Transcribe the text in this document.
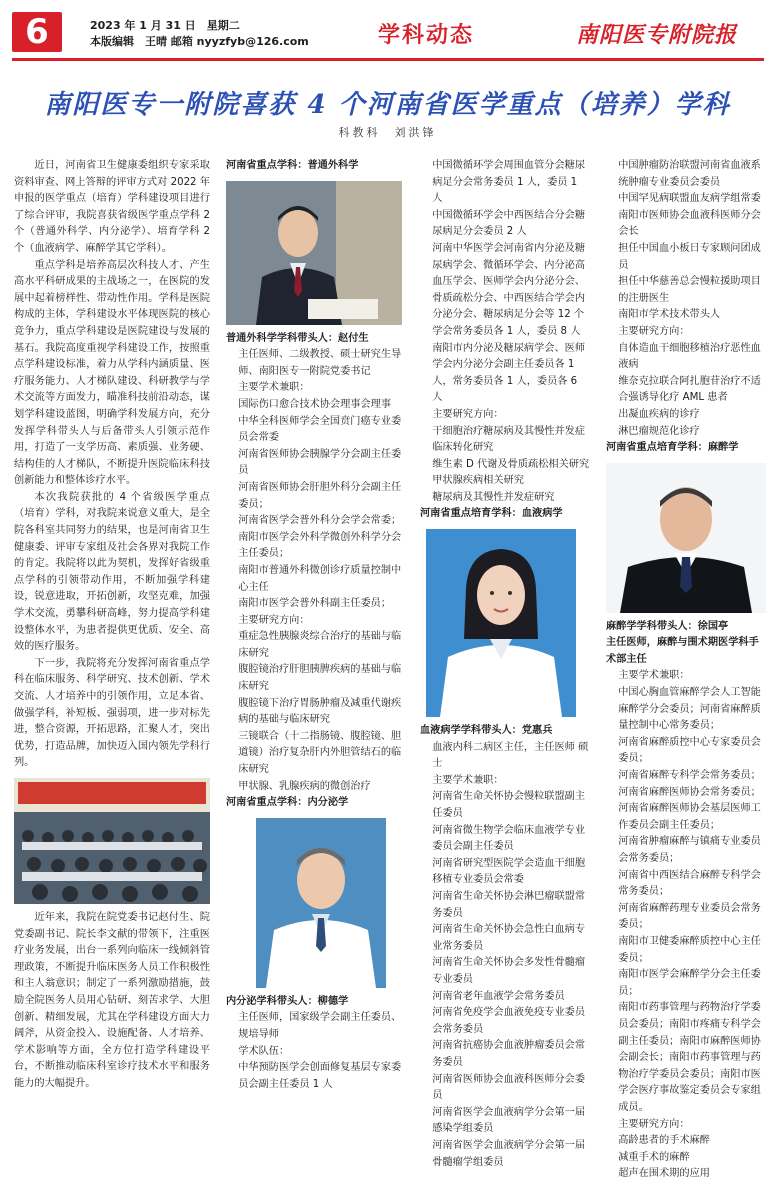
6	2023 年 1 月 31 日　星期二
本版编辑　王晴 邮箱 nyyzfyb@126.com	学科动态	南阳医专附院报
南阳医专一附院喜获 4 个河南省医学重点（培养）学科
科教科　刘洪锋

近日，河南省卫生健康委组织专家采取资料审查、网上答辩的评审方式对 2022 年申报的医学重点（培育）学科建设项目进行了综合评审，我院喜获省级医学重点学科 2 个（普通外科学、内分泌学）、培育学科 2 个（血液病学、麻醉学其它学科）。

重点学科是培养高层次科技人才、产生高水平科研成果的主战场之一，在医院的发展中起着榜样性、带动性作用。学科是医院构成的主体，学科建设水平体现医院的核心竞争力，重点学科建设是医院建设与发展的基石。我院高度重视学科建设工作，按照重点学科建设标准，着力从学科内涵质量、医疗服务能力、人才梯队建设、科研教学与学术交流等方面发力，瞄准科技前沿动态，谋划学科建设蓝图，明确学科发展方向，充分发挥学科带头人与后备带头人引领示范作用，打造了一支学历高、素质强、业务硬、结构佳的人才梯队，不断提升医院临床科技创新能力和整体诊疗水平。

本次我院获批的 4 个省级医学重点（培育）学科，对我院来说意义重大，是全院各科室共同努力的结果，也是河南省卫生健康委、评审专家组及社会各界对我院工作的肯定。我院将以此为契机，发挥好省级重点学科的引领带动作用，不断加强学科建设，锐意进取，开拓创新，攻坚克难，加强学术交流，勇攀科研高峰，努力提高学科建设整体水平，为患者提供更优质、安全、高效的医疗服务。

下一步，我院将充分发挥河南省重点学科在临床服务、科学研究、技术创新、学术交流、人才培养中的引领作用，立足本省、做强学科，补短板、强弱项，进一步对标先进，整合资源，开拓思路，汇聚人才，突出优势，打造品牌，加快迈入国内领先学科行列。

近年来，我院在院党委书记赵付生、院党委副书记、院长李文献的带领下，注重医疗业务发展，出台一系列向临床一线倾斜管理政策，不断提升临床医务人员工作积极性和主人翁意识；制定了一系列激励措施，鼓励全院医务人员用心钻研、刻苦求学、大胆创新、精细发展，尤其在学科建设方面大力阔斧，从资金投入、设施配备、人才培养、学术影响等方面，全方位打造学科建设平台，不断推动临床科室诊疗技术水平和服务能力的大幅提升。

河南省重点学科：普通外科学
普通外科学学科带头人：赵付生
主任医师、二级教授、硕士研究生导师、南阳医专一附院党委书记
主要学术兼职：
国际伤口愈合技术协会理事会理事
中华全科医师学会全国贲门癌专业委员会常委
河南省医师协会胰腺学分会副主任委员
河南省医师协会肝胆外科分会副主任委员；
河南省医学会普外科分会学会常委；
南阳市医学会外科学微创外科学分会主任委员；
南阳市普通外科微创诊疗质量控制中心主任
南阳市医学会普外科副主任委员；
主要研究方向：
重症急性胰腺炎综合治疗的基础与临床研究
腹腔镜治疗肝胆胰脾疾病的基础与临床研究
腹腔镜下治疗胃肠肿瘤及减重代谢疾病的基础与临床研究
三镜联合（十二指肠镜、腹腔镜、胆道镜）治疗复杂肝内外胆管结石的临床研究
甲状腺、乳腺疾病的微创治疗
河南省重点学科：内分泌学
内分泌学科带头人：柳德学
主任医师，国家级学会副主任委员、规培导师
学术队伍：
中华预防医学会创面修复基层专家委员会副主任委员 1 人
中国微循环学会周围血管分会糖尿病足分会常务委员 1 人，委员 1 人
中国微循环学会中西医结合分会糖尿病足分会委员 2 人
河南中华医学会河南省内分泌及糖尿病学会、微循环学会、内分泌高血压学会、医师学会内分泌分会、骨质疏松分会、中西医结合学会内分泌分会、糖尿病足分会等 12 个学会常务委员各 1 人，委员 8 人
南阳市内分泌及糖尿病学会、医师学会内分泌分会副主任委员各 1 人，常务委员各 1 人，委员各 6 人
主要研究方向：
干细胞治疗糖尿病及其慢性并发症临床转化研究
维生素 D 代谢及骨质疏松相关研究
甲状腺疾病相关研究
糖尿病及其慢性并发症研究
河南省重点培育学科：血液病学
血液病学学科带头人：党惠兵
血液内科二病区主任，主任医师 硕士
主要学术兼职：
河南省生命关怀协会慢粒联盟副主任委员
河南省微生物学会临床血液学专业委员会副主任委员
河南省研究型医院学会造血干细胞移植专业委员会常委
河南省生命关怀协会淋巴瘤联盟常务委员
河南省生命关怀协会急性白血病专业常务委员
河南省生命关怀协会多发性骨髓瘤专业委员
河南省老年血液学会常务委员
河南省免疫学会血液免疫专业委员会常务委员
河南省抗癌协会血液肿瘤委员会常务委员
河南省医师协会血液科医师分会委员
河南省医学会血液病学分会第一届感染学组委员
河南省医学会血液病学分会第一届骨髓瘤学组委员
中国肿瘤防治联盟河南省血液系统肿瘤专业委员会委员
中国罕见病联盟血友病学组常委
南阳市医师协会血液科医师分会会长
担任中国血小板日专家顾问团成员
担任中华慈善总会慢粒援助项目的注册医生
南阳市学术技术带头人
主要研究方向：
自体造血干细胞移植治疗恶性血液病
维奈克拉联合阿扎胞苷治疗不适合强诱导化疗 AML 患者
出凝血疾病的诊疗
淋巴瘤规范化诊疗
河南省重点培育学科：麻醉学
麻醉学学科带头人：徐国亭
主任医师，麻醉与围术期医学科手术部主任
主要学术兼职：
中国心胸血管麻醉学会人工智能麻醉学分会委员；河南省麻醉质量控制中心常务委员；
河南省麻醉质控中心专家委员会委员；
河南省麻醉专科学会常务委员；
河南省麻醉医师协会常务委员；
河南省麻醉医师协会基层医师工作委员会副主任委员；
河南省肿瘤麻醉与镇痛专业委员会常务委员；
河南省中西医结合麻醉专科学会常务委员；
河南省麻醉药理专业委员会常务委员；
南阳市卫健委麻醉质控中心主任委员；
南阳市医学会麻醉学分会主任委员；
南阳市药事管理与药物治疗学委员会委员；南阳市疼痛专科学会副主任委员；南阳市麻醉医师协会副会长；南阳市药事管理与药物治疗学委员会委员；南阳市医学会医疗事故鉴定委员会专家组成员。
主要研究方向：
高龄患者的手术麻醉
减重手术的麻醉
超声在围术期的应用
